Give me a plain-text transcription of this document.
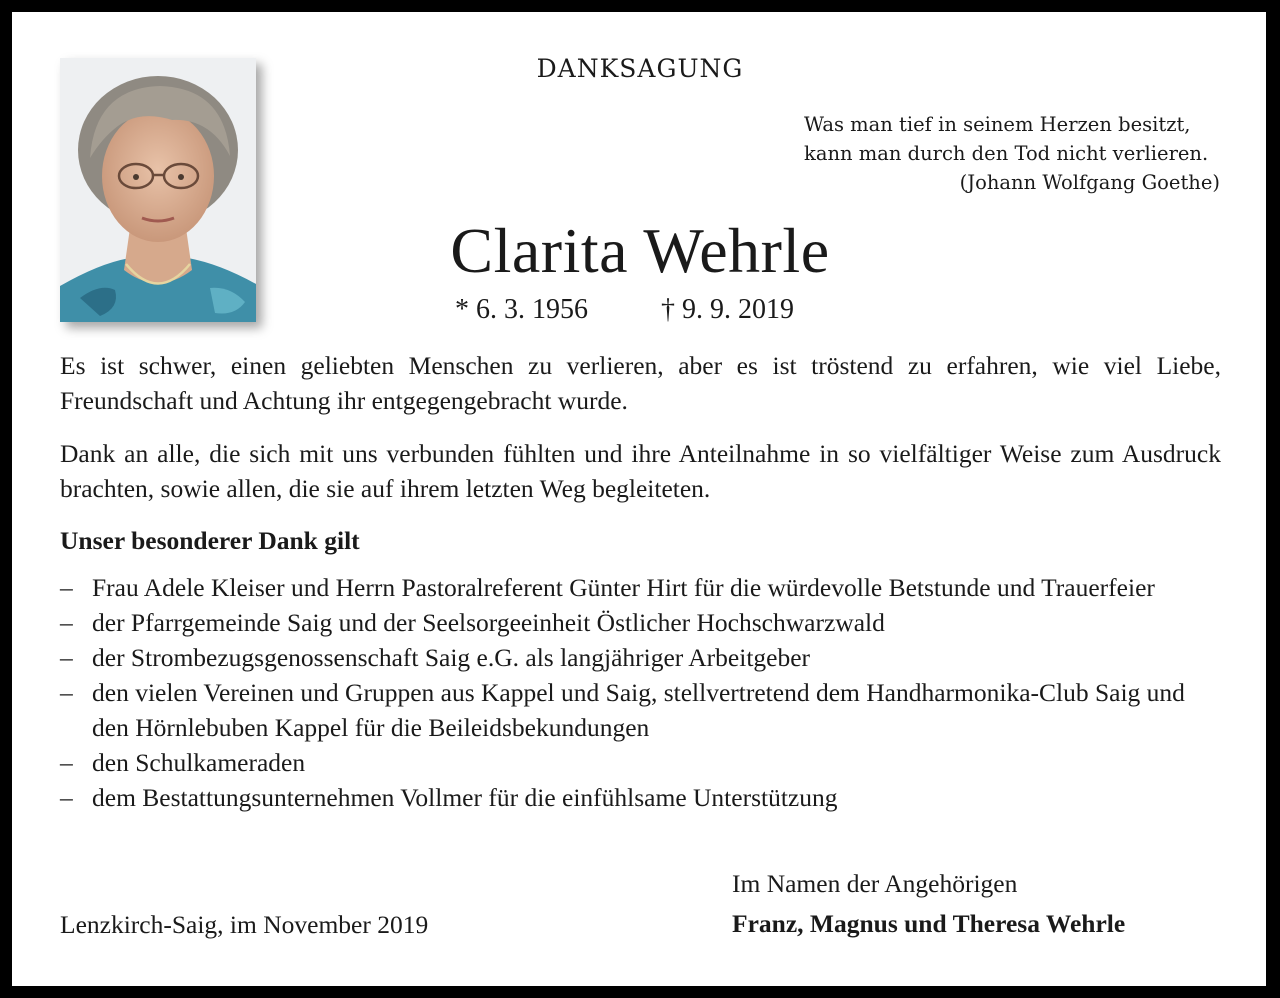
DANKSAGUNG
Was man tief in seinem Herzen besitzt,
kann man durch den Tod nicht verlieren.
(Johann Wolfgang Goethe)
Clarita Wehrle
* 6. 3. 1956	† 9. 9. 2019
Es ist schwer, einen geliebten Menschen zu verlieren, aber es ist tröstend zu erfahren, wie viel Liebe, Freundschaft und Achtung ihr entgegengebracht wurde.
Dank an alle, die sich mit uns verbunden fühlten und ihre Anteilnahme in so vielfältiger Weise zum Ausdruck brachten, sowie allen, die sie auf ihrem letzten Weg begleiteten.
Unser besonderer Dank gilt
– Frau Adele Kleiser und Herrn Pastoralreferent Günter Hirt für die würdevolle Betstunde und Trauerfeier
– der Pfarrgemeinde Saig und der Seelsorgeeinheit Östlicher Hochschwarzwald
– der Strombezugsgenossenschaft Saig e.G. als langjähriger Arbeitgeber
– den vielen Vereinen und Gruppen aus Kappel und Saig, stellvertretend dem Handharmonika-Club Saig und den Hörnlebuben Kappel für die Beileidsbekundungen
– den Schulkameraden
– dem Bestattungsunternehmen Vollmer für die einfühlsame Unterstützung
Im Namen der Angehörigen
Lenzkirch-Saig, im November 2019	Franz, Magnus und Theresa Wehrle
